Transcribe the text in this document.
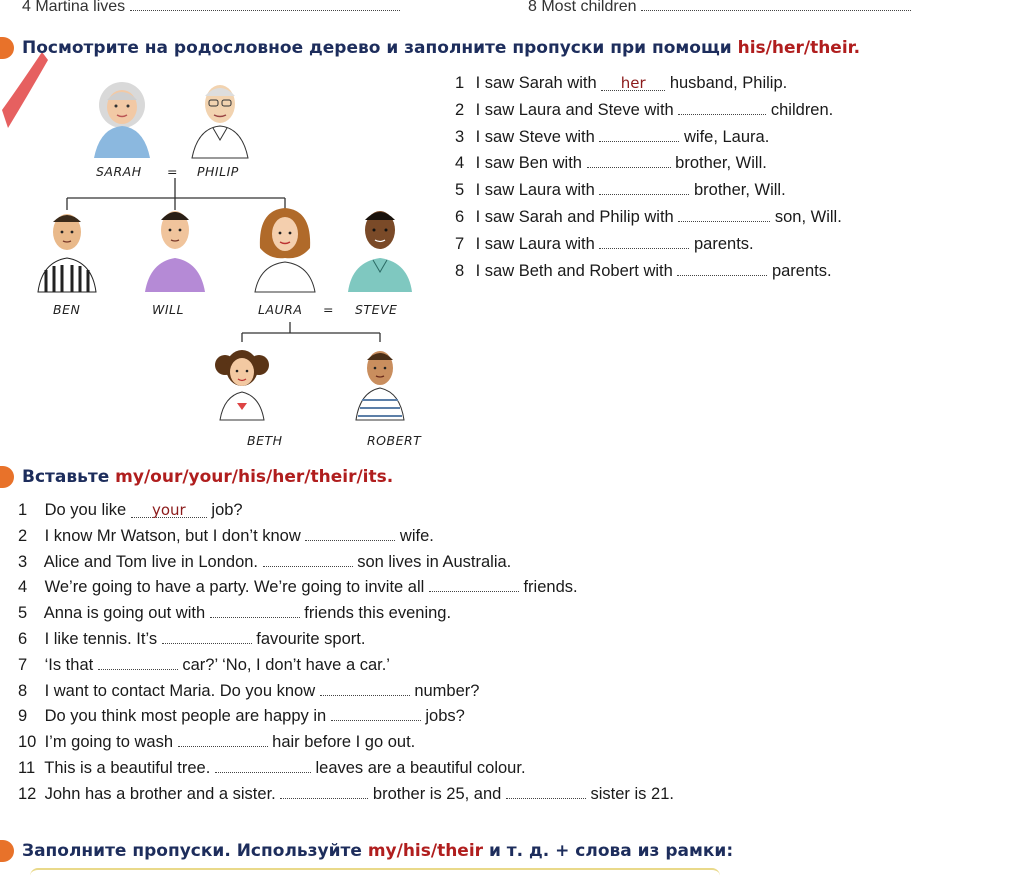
4 Martina lives	8 Most children
Посмотрите на родословное дерево и заполните пропуски при помощи his/her/their.
SARAH = PHILIP
BEN	WILL	LAURA = STEVE
BETH	ROBERT
1 I saw Sarah with her husband, Philip.
2 I saw Laura and Steve with	children.
3 I saw Steve with	wife, Laura.
4 I saw Ben with	brother, Will.
5 I saw Laura with	brother, Will.
6 I saw Sarah and Philip with	son, Will.
7 I saw Laura with	parents.
8 I saw Beth and Robert with	parents.
Вставьте my/our/your/his/her/their/its.
1 Do you like your job?
2 I know Mr Watson, but I don’t know	wife.
3 Alice and Tom live in London.	son lives in Australia.
4 We’re going to have a party. We’re going to invite all	friends.
5 Anna is going out with	friends this evening.
6 I like tennis. It’s	favourite sport.
7 ‘Is that	car?’ ‘No, I don’t have a car.’
8 I want to contact Maria. Do you know	number?
9 Do you think most people are happy in	jobs?
10 I’m going to wash	hair before I go out.
11 This is a beautiful tree.	leaves are a beautiful colour.
12 John has a brother and a sister.	brother is 25, and	sister is 21.
Заполните пропуски. Используйте my/his/their и т. д. + слова из рамки:
